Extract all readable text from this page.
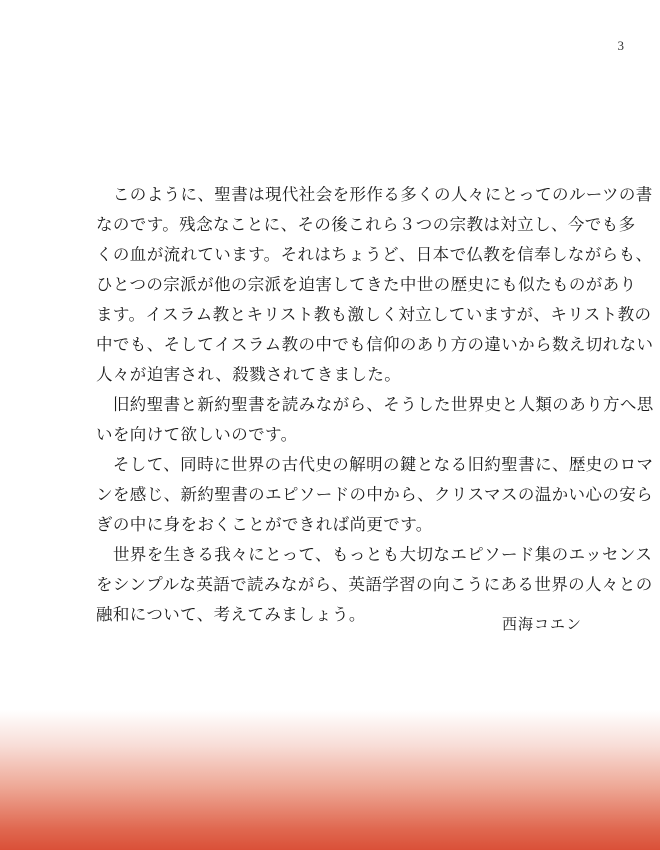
3
　このように、聖書は現代社会を形作る多くの人々にとってのルーツの書
なのです。残念なことに、その後これら３つの宗教は対立し、今でも多
くの血が流れています。それはちょうど、日本で仏教を信奉しながらも、
ひとつの宗派が他の宗派を迫害してきた中世の歴史にも似たものがあり
ます。イスラム教とキリスト教も激しく対立していますが、キリスト教の
中でも、そしてイスラム教の中でも信仰のあり方の違いから数え切れない
人々が迫害され、殺戮されてきました。
　旧約聖書と新約聖書を読みながら、そうした世界史と人類のあり方へ思
いを向けて欲しいのです。
　そして、同時に世界の古代史の解明の鍵となる旧約聖書に、歴史のロマ
ンを感じ、新約聖書のエピソードの中から、クリスマスの温かい心の安ら
ぎの中に身をおくことができれば尚更です。
　世界を生きる我々にとって、もっとも大切なエピソード集のエッセンス
をシンプルな英語で読みながら、英語学習の向こうにある世界の人々との
融和について、考えてみましょう。	西海コエン
